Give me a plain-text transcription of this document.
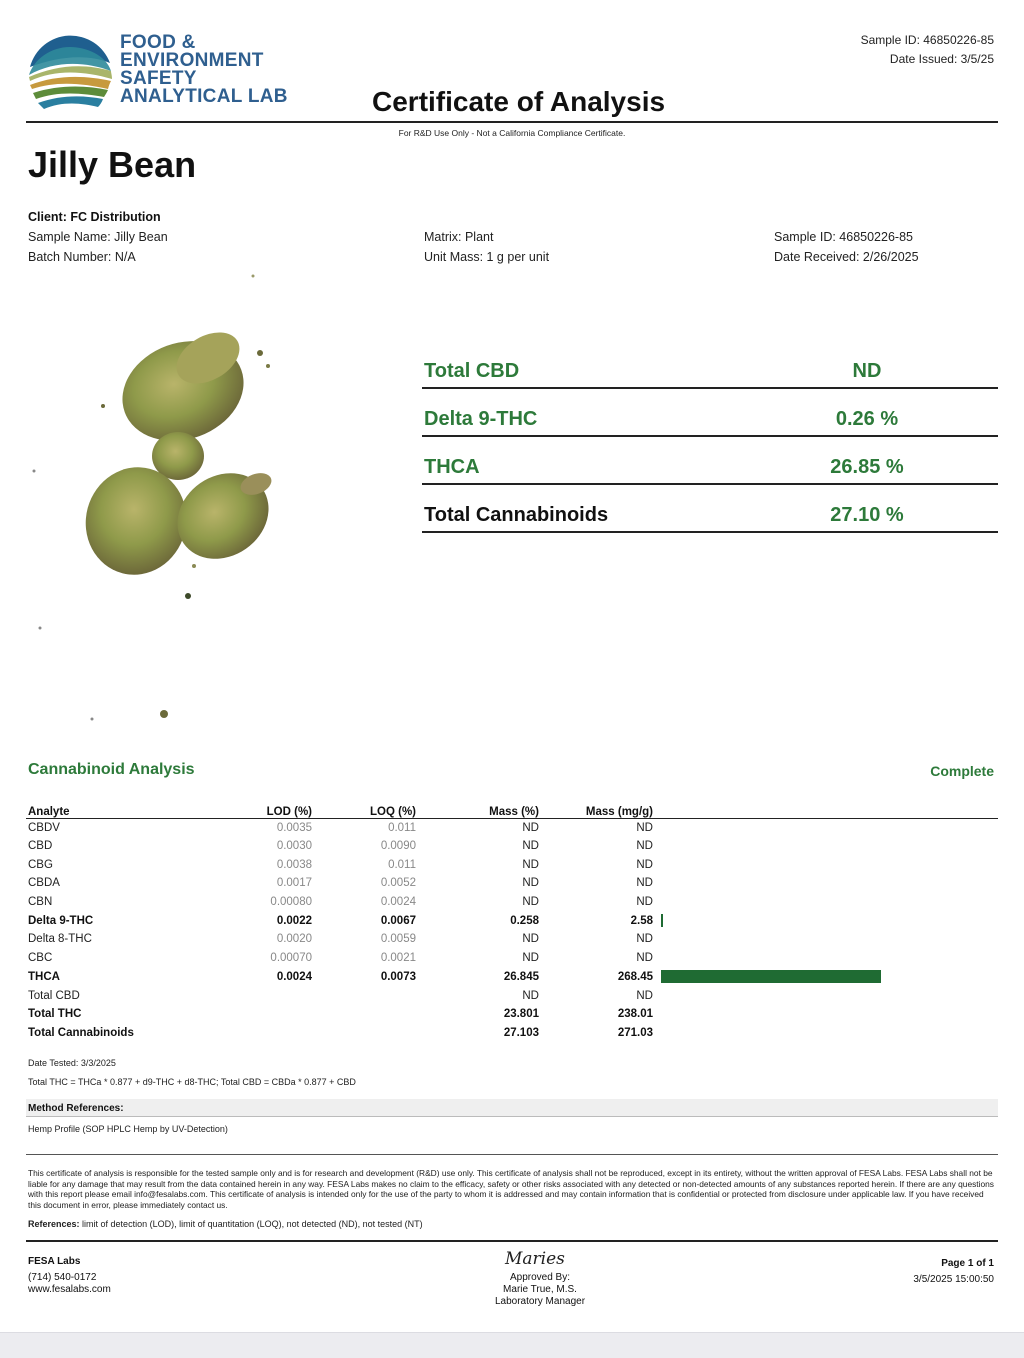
FOOD &
ENVIRONMENT
SAFETY
ANALYTICAL LAB
Sample ID: 46850226-85
Date Issued: 3/5/25
Certificate of Analysis
For R&D Use Only - Not a California Compliance Certificate.
Jilly Bean
Client: FC Distribution
Sample Name: Jilly Bean
Batch Number: N/A
Matrix: Plant
Unit Mass: 1 g per unit
Sample ID: 46850226-85
Date Received: 2/26/2025
Total CBD	ND
Delta 9-THC	0.26 %
THCA	26.85 %
Total Cannabinoids	27.10 %
Cannabinoid Analysis	Complete
Analyte	LOD (%)	LOQ (%)	Mass (%)	Mass (mg/g)	
CBDV	0.0035	0.011	ND	ND	
CBD	0.0030	0.0090	ND	ND	
CBG	0.0038	0.011	ND	ND	
CBDA	0.0017	0.0052	ND	ND	
CBN	0.00080	0.0024	ND	ND	
Delta 9-THC	0.0022	0.0067	0.258	2.58	
Delta 8-THC	0.0020	0.0059	ND	ND	
CBC	0.00070	0.0021	ND	ND	
THCA	0.0024	0.0073	26.845	268.45	
Total CBD			ND	ND	
Total THC			23.801	238.01	
Total Cannabinoids			27.103	271.03	
Date Tested: 3/3/2025
Total THC = THCa * 0.877 + d9-THC + d8-THC; Total CBD = CBDa * 0.877 + CBD
Method References:
Hemp Profile (SOP HPLC Hemp by UV-Detection)
This certificate of analysis is responsible for the tested sample only and is for research and development (R&D) use only. This certificate of analysis shall not be reproduced, except in its entirety, without the written approval of FESA Labs. FESA Labs shall not be liable for any damage that may result from the data contained herein in any way. FESA Labs makes no claim to the efficacy, safety or other risks associated with any detected or non-detected amounts of any substances reported herein. If there are any questions with this report please email info@fesalabs.com. This certificate of analysis is intended only for the use of the party to whom it is addressed and may contain information that is confidential or protected from disclosure under applicable law. If you have received this document in error, please immediately contact us.
References: limit of detection (LOD), limit of quantitation (LOQ), not detected (ND), not tested (NT)
FESA Labs
(714) 540-0172
www.fesalabs.com
Maries
Approved By:
Marie True, M.S.
Laboratory Manager
Page 1 of 1
3/5/2025 15:00:50
